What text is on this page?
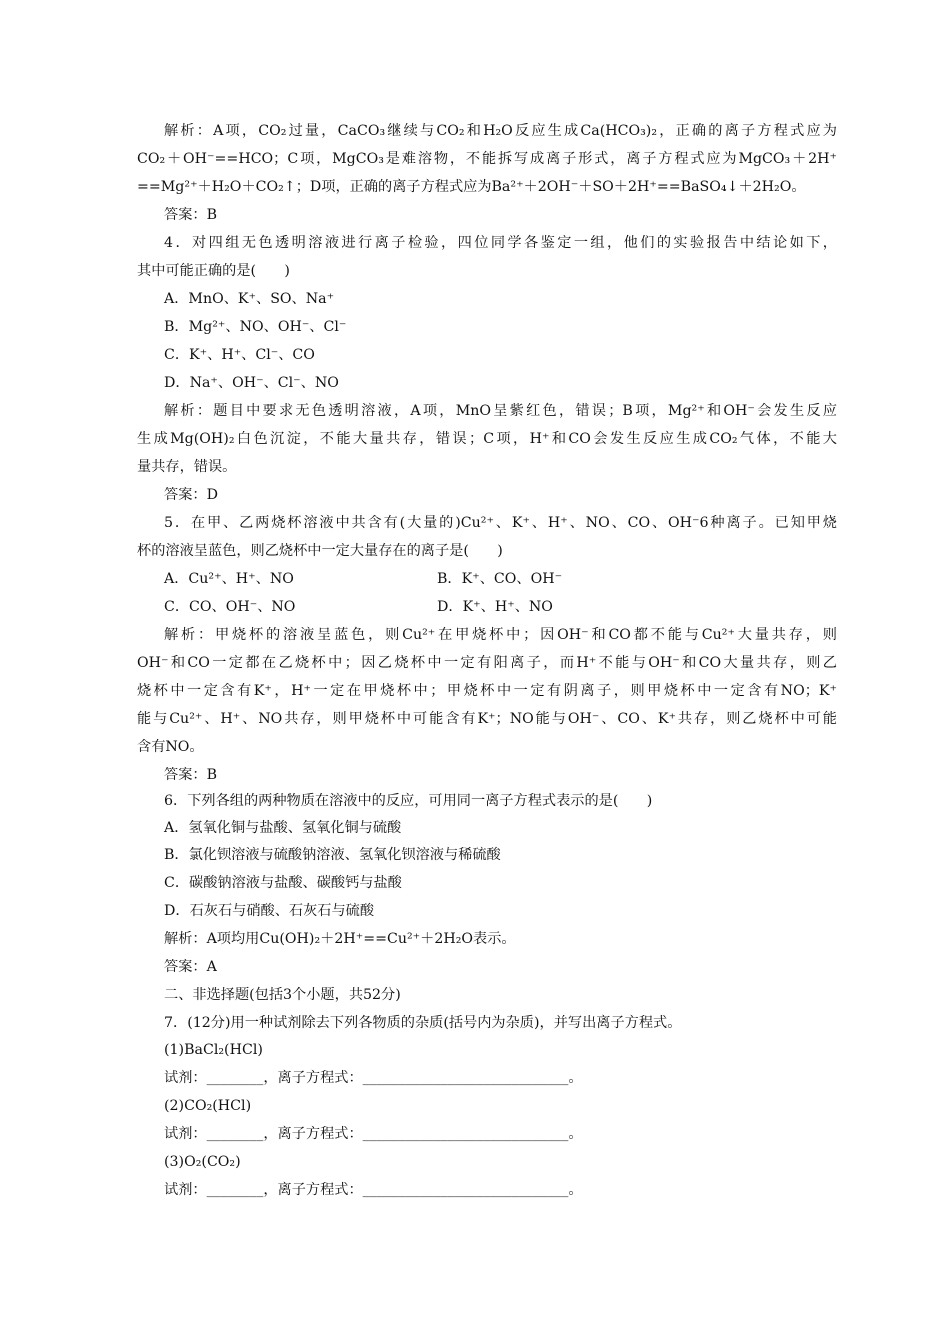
解析：A项，CO₂过量，CaCO₃继续与CO₂和H₂O反应生成Ca(HCO₃)₂，正确的离子方程式应为
CO₂＋OH⁻==HCO；C项，MgCO₃是难溶物，不能拆写成离子形式，离子方程式应为MgCO₃＋2H⁺
==Mg²⁺＋H₂O＋CO₂↑；D项，正确的离子方程式应为Ba²⁺＋2OH⁻＋SO＋2H⁺==BaSO₄↓＋2H₂O。
答案：B
4．对四组无色透明溶液进行离子检验，四位同学各鉴定一组，他们的实验报告中结论如下，
其中可能正确的是(　　)
A．MnO、K⁺、SO、Na⁺
B．Mg²⁺、NO、OH⁻、Cl⁻
C．K⁺、H⁺、Cl⁻、CO
D．Na⁺、OH⁻、Cl⁻、NO
解析：题目中要求无色透明溶液，A项，MnO呈紫红色，错误；B项，Mg²⁺和OH⁻会发生反应
生成Mg(OH)₂白色沉淀，不能大量共存，错误；C项，H⁺和CO会发生反应生成CO₂气体，不能大
量共存，错误。
答案：D
5．在甲、乙两烧杯溶液中共含有(大量的)Cu²⁺、K⁺、H⁺、NO、CO、OH⁻6种离子。已知甲烧
杯的溶液呈蓝色，则乙烧杯中一定大量存在的离子是(　　)
A．Cu²⁺、H⁺、NO	B．K⁺、CO、OH⁻
C．CO、OH⁻、NO	D．K⁺、H⁺、NO
解析：甲烧杯的溶液呈蓝色，则Cu²⁺在甲烧杯中；因OH⁻和CO都不能与Cu²⁺大量共存，则
OH⁻和CO一定都在乙烧杯中；因乙烧杯中一定有阳离子，而H⁺不能与OH⁻和CO大量共存，则乙
烧杯中一定含有K⁺，H⁺一定在甲烧杯中；甲烧杯中一定有阴离子，则甲烧杯中一定含有NO；K⁺
能与Cu²⁺、H⁺、NO共存，则甲烧杯中可能含有K⁺；NO能与OH⁻、CO、K⁺共存，则乙烧杯中可能
含有NO。
答案：B
6．下列各组的两种物质在溶液中的反应，可用同一离子方程式表示的是(　　)
A．氢氧化铜与盐酸、氢氧化铜与硫酸
B．氯化钡溶液与硫酸钠溶液、氢氧化钡溶液与稀硫酸
C．碳酸钠溶液与盐酸、碳酸钙与盐酸
D．石灰石与硝酸、石灰石与硫酸
解析：A项均用Cu(OH)₂＋2H⁺==Cu²⁺＋2H₂O表示。
答案：A
二、非选择题(包括3个小题，共52分)
7．(12分)用一种试剂除去下列各物质的杂质(括号内为杂质)，并写出离子方程式。
(1)BaCl₂(HCl)
试剂：________，离子方程式：_____________________________。
(2)CO₂(HCl)
试剂：________，离子方程式：_____________________________。
(3)O₂(CO₂)
试剂：________，离子方程式：_____________________________。
